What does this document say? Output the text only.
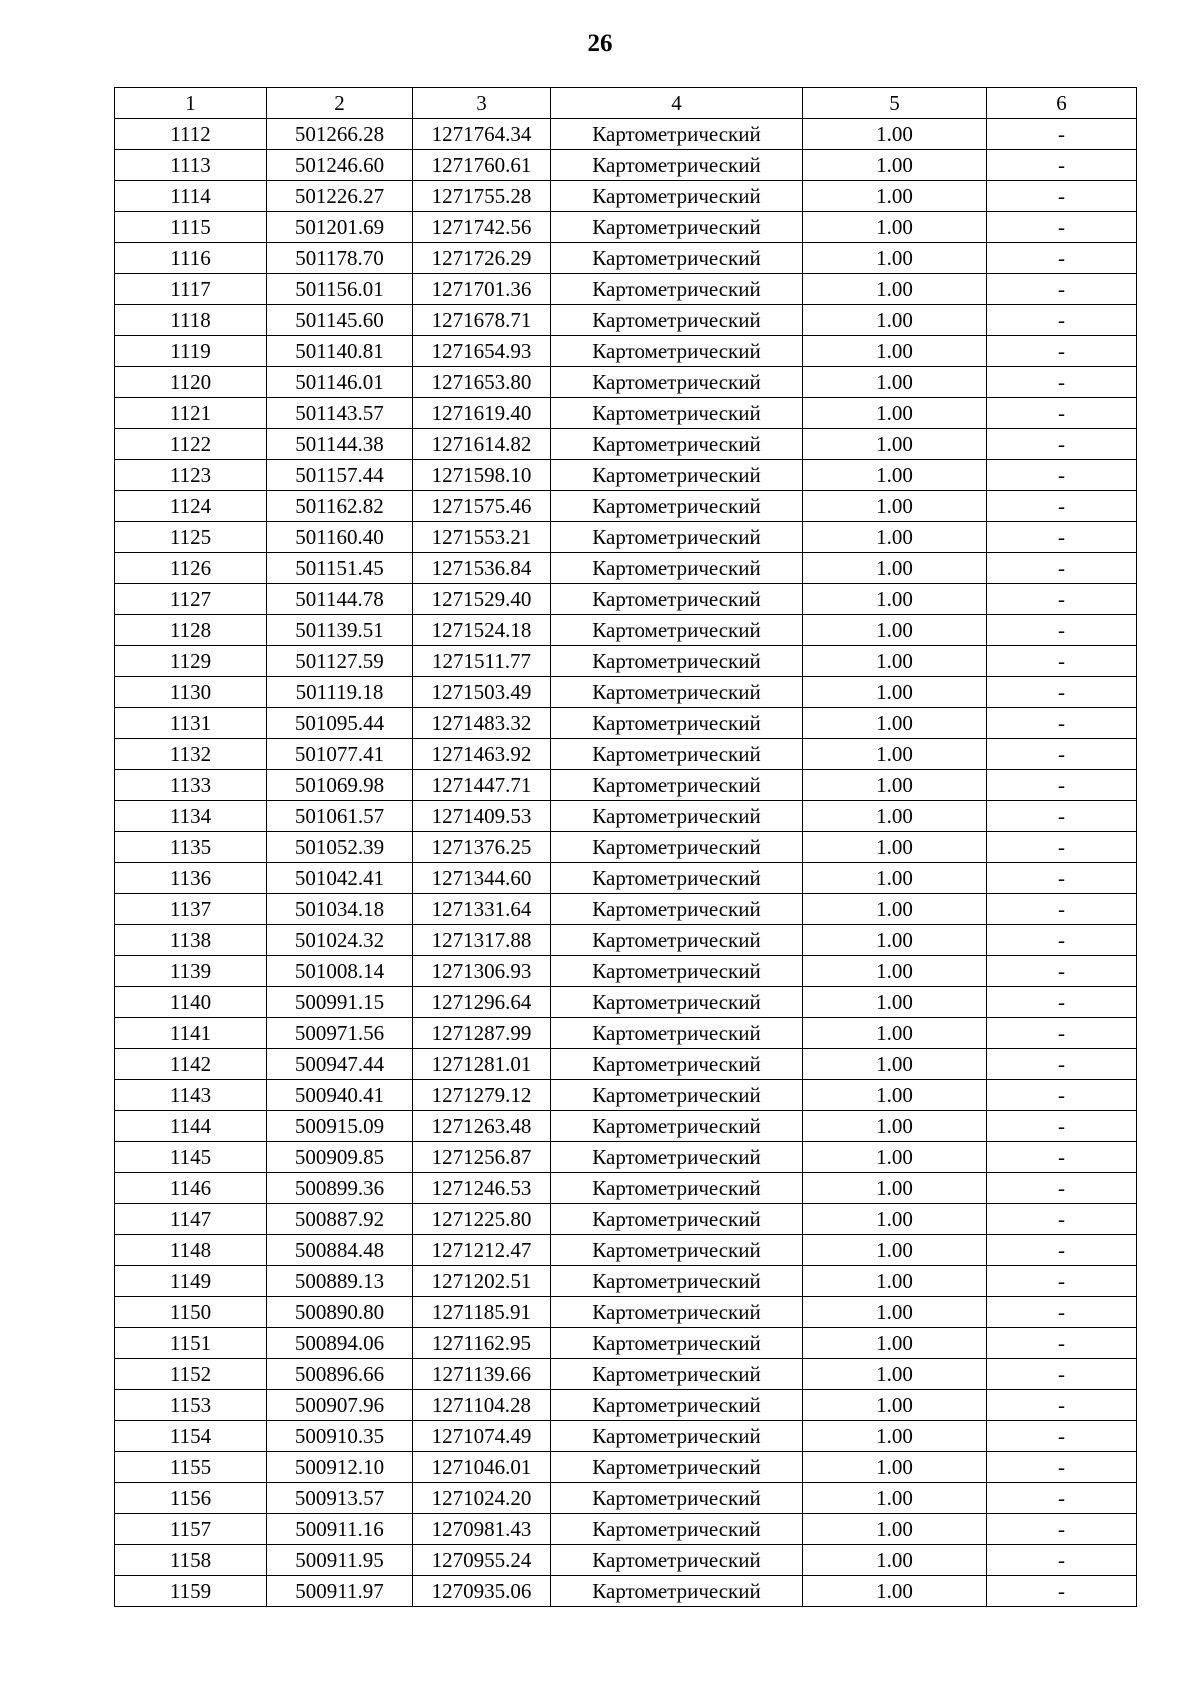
26
1	2	3	4	5	6
1112	501266.28	1271764.34	Картометрический	1.00	-
1113	501246.60	1271760.61	Картометрический	1.00	-
1114	501226.27	1271755.28	Картометрический	1.00	-
1115	501201.69	1271742.56	Картометрический	1.00	-
1116	501178.70	1271726.29	Картометрический	1.00	-
1117	501156.01	1271701.36	Картометрический	1.00	-
1118	501145.60	1271678.71	Картометрический	1.00	-
1119	501140.81	1271654.93	Картометрический	1.00	-
1120	501146.01	1271653.80	Картометрический	1.00	-
1121	501143.57	1271619.40	Картометрический	1.00	-
1122	501144.38	1271614.82	Картометрический	1.00	-
1123	501157.44	1271598.10	Картометрический	1.00	-
1124	501162.82	1271575.46	Картометрический	1.00	-
1125	501160.40	1271553.21	Картометрический	1.00	-
1126	501151.45	1271536.84	Картометрический	1.00	-
1127	501144.78	1271529.40	Картометрический	1.00	-
1128	501139.51	1271524.18	Картометрический	1.00	-
1129	501127.59	1271511.77	Картометрический	1.00	-
1130	501119.18	1271503.49	Картометрический	1.00	-
1131	501095.44	1271483.32	Картометрический	1.00	-
1132	501077.41	1271463.92	Картометрический	1.00	-
1133	501069.98	1271447.71	Картометрический	1.00	-
1134	501061.57	1271409.53	Картометрический	1.00	-
1135	501052.39	1271376.25	Картометрический	1.00	-
1136	501042.41	1271344.60	Картометрический	1.00	-
1137	501034.18	1271331.64	Картометрический	1.00	-
1138	501024.32	1271317.88	Картометрический	1.00	-
1139	501008.14	1271306.93	Картометрический	1.00	-
1140	500991.15	1271296.64	Картометрический	1.00	-
1141	500971.56	1271287.99	Картометрический	1.00	-
1142	500947.44	1271281.01	Картометрический	1.00	-
1143	500940.41	1271279.12	Картометрический	1.00	-
1144	500915.09	1271263.48	Картометрический	1.00	-
1145	500909.85	1271256.87	Картометрический	1.00	-
1146	500899.36	1271246.53	Картометрический	1.00	-
1147	500887.92	1271225.80	Картометрический	1.00	-
1148	500884.48	1271212.47	Картометрический	1.00	-
1149	500889.13	1271202.51	Картометрический	1.00	-
1150	500890.80	1271185.91	Картометрический	1.00	-
1151	500894.06	1271162.95	Картометрический	1.00	-
1152	500896.66	1271139.66	Картометрический	1.00	-
1153	500907.96	1271104.28	Картометрический	1.00	-
1154	500910.35	1271074.49	Картометрический	1.00	-
1155	500912.10	1271046.01	Картометрический	1.00	-
1156	500913.57	1271024.20	Картометрический	1.00	-
1157	500911.16	1270981.43	Картометрический	1.00	-
1158	500911.95	1270955.24	Картометрический	1.00	-
1159	500911.97	1270935.06	Картометрический	1.00	-
